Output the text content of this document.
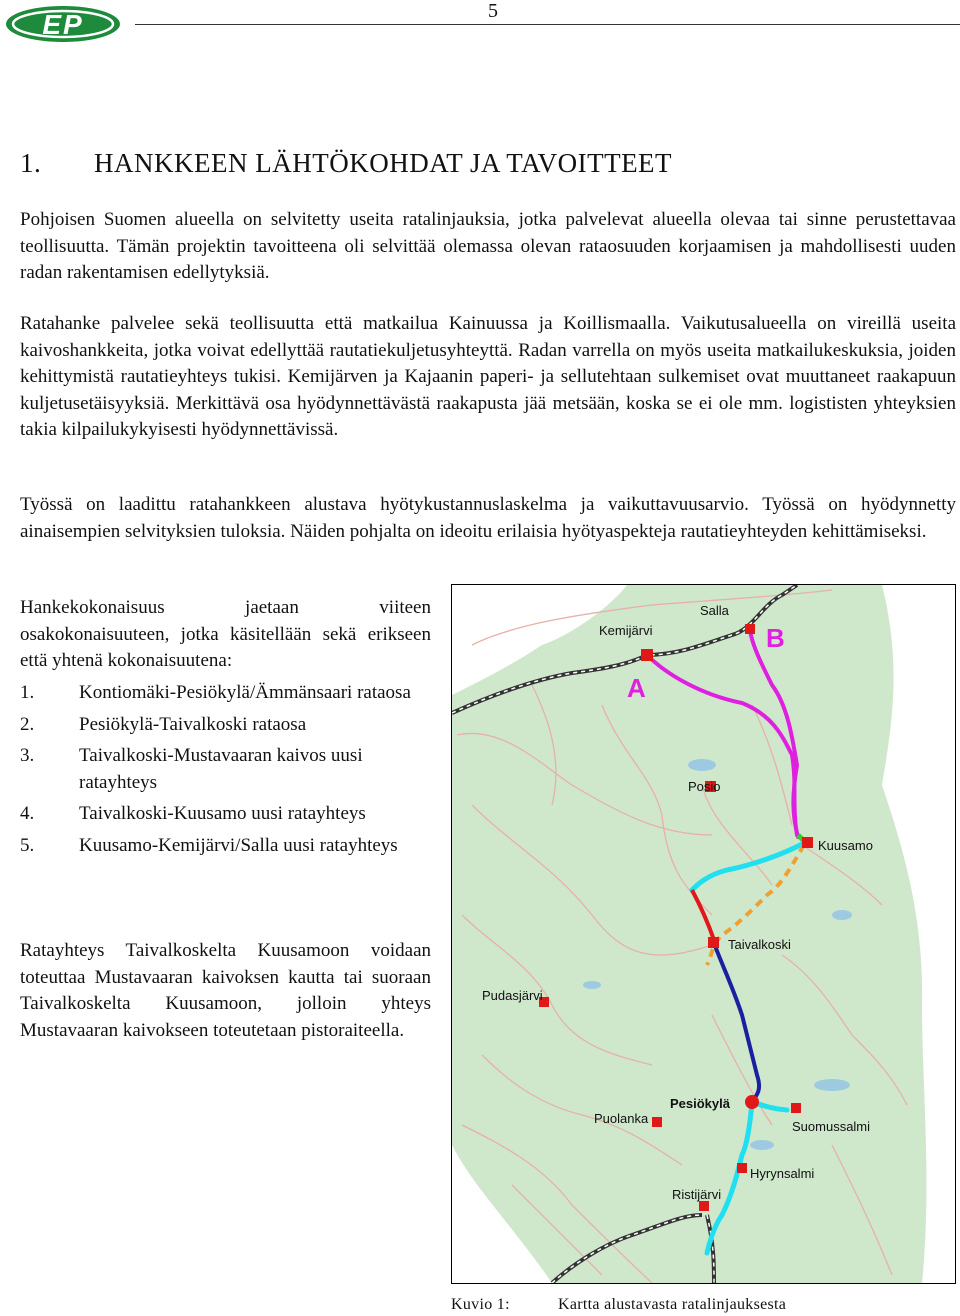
EP	5
1. HANKKEEN LÄHTÖKOHDAT JA TAVOITTEET

Pohjoisen Suomen alueella on selvitetty useita ratalinjauksia, jotka palvelevat alueella olevaa tai sinne perustettavaa teollisuutta. Tämän projektin tavoitteena oli selvittää olemassa olevan rataosuuden korjaamisen ja mahdollisesti uuden radan rakentamisen edellytyksiä.

Ratahanke palvelee sekä teollisuutta että matkailua Kainuussa ja Koillismaalla. Vaikutusalueella on vireillä useita kaivoshankkeita, jotka voivat edellyttää rautatiekuljetusyhteyttä. Radan varrella on myös useita matkailukeskuksia, joiden kehittymistä rautatieyhteys tukisi. Kemijärven ja Kajaanin paperi- ja sellutehtaan sulkemiset ovat muuttaneet raakapuun kuljetusetäisyyksiä. Merkittävä osa hyödynnettävästä raakapusta jää metsään, koska se ei ole mm. logististen yhteyksien takia kilpailukykyisesti hyödynnettävissä.

Työssä on laadittu ratahankkeen alustava hyötykustannuslaskelma ja vaikuttavuusarvio. Työssä on hyödynnetty ainaisempien selvityksien tuloksia. Näiden pohjalta on ideoitu erilaisia hyötyaspekteja rautatieyhteyden kehittämiseksi.

Hankekokonaisuus jaetaan viiteen osakokonaisuuteen, jotka käsitellään sekä erikseen että yhtenä kokonaisuutena:

1.	Kontiomäki-Pesiökylä/Ämmänsaari rataosa
2.	Pesiökylä-Taivalkoski rataosa
3.	Taivalkoski-Mustavaaran kaivos uusi ratayhteys
4.	Taivalkoski-Kuusamo uusi ratayhteys
5.	Kuusamo-Kemijärvi/Salla uusi ratayhteys

Ratayhteys Taivalkoskelta Kuusamoon voidaan toteuttaa Mustavaaran kaivoksen kautta tai suoraan Taivalkoskelta Kuusamoon, jolloin yhteys Mustavaaran kaivokseen toteutetaan pistoraiteella.

Salla
Kemijärvi
Posio
Kuusamo
Taivalkoski
Pudasjärvi
Pesiökylä
Puolanka
Suomussalmi
Hyrynsalmi
Ristijärvi
A
B
Kuvio 1:	Kartta alustavasta ratalinjauksesta
